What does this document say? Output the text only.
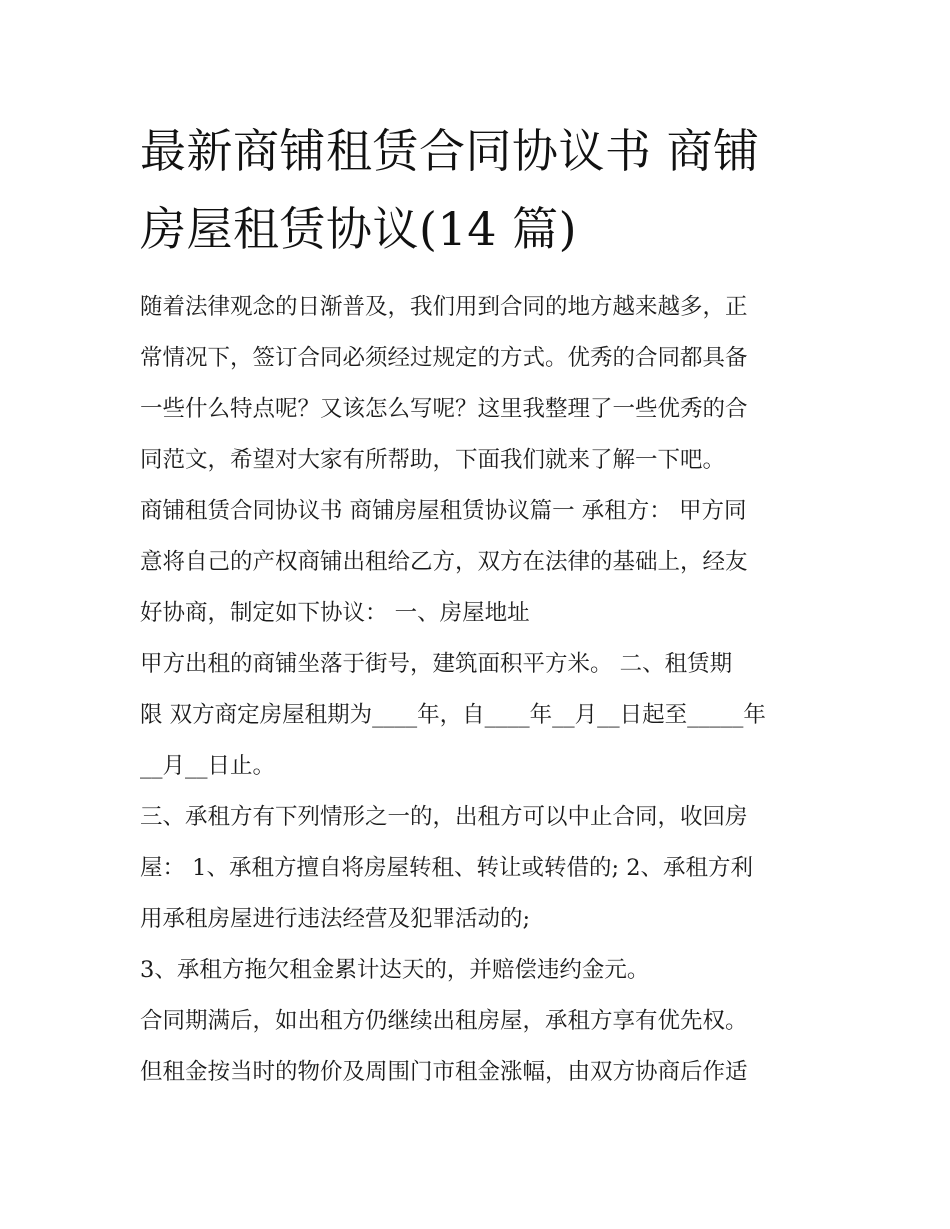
最新商铺租赁合同协议书 商铺
房屋租赁协议(14 篇)

随着法律观念的日渐普及，我们用到合同的地方越来越多，正

常情况下，签订合同必须经过规定的方式。优秀的合同都具备

一些什么特点呢？又该怎么写呢？这里我整理了一些优秀的合

同范文，希望对大家有所帮助，下面我们就来了解一下吧。

商铺租赁合同协议书 商铺房屋租赁协议篇一 承租方： 甲方同

意将自己的产权商铺出租给乙方，双方在法律的基础上，经友

好协商，制定如下协议： 一、房屋地址

甲方出租的商铺坐落于街号，建筑面积平方米。 二、租赁期

限 双方商定房屋租期为____年，自____年__月__日起至_____年

__月__日止。

三、承租方有下列情形之一的，出租方可以中止合同，收回房

屋： 1、承租方擅自将房屋转租、转让或转借的; 2、承租方利

用承租房屋进行违法经营及犯罪活动的;

3、承租方拖欠租金累计达天的，并赔偿违约金元。

合同期满后，如出租方仍继续出租房屋，承租方享有优先权。

但租金按当时的物价及周围门市租金涨幅，由双方协商后作适
